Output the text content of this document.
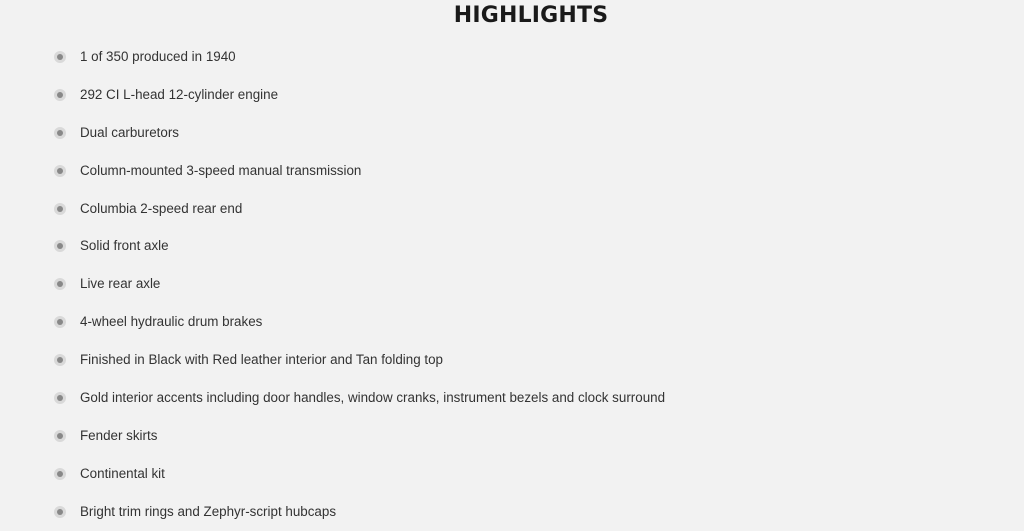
HIGHLIGHTS
1 of 350 produced in 1940
292 CI L-head 12-cylinder engine
Dual carburetors
Column-mounted 3-speed manual transmission
Columbia 2-speed rear end
Solid front axle
Live rear axle
4-wheel hydraulic drum brakes
Finished in Black with Red leather interior and Tan folding top
Gold interior accents including door handles, window cranks, instrument bezels and clock surround
Fender skirts
Continental kit
Bright trim rings and Zephyr-script hubcaps
